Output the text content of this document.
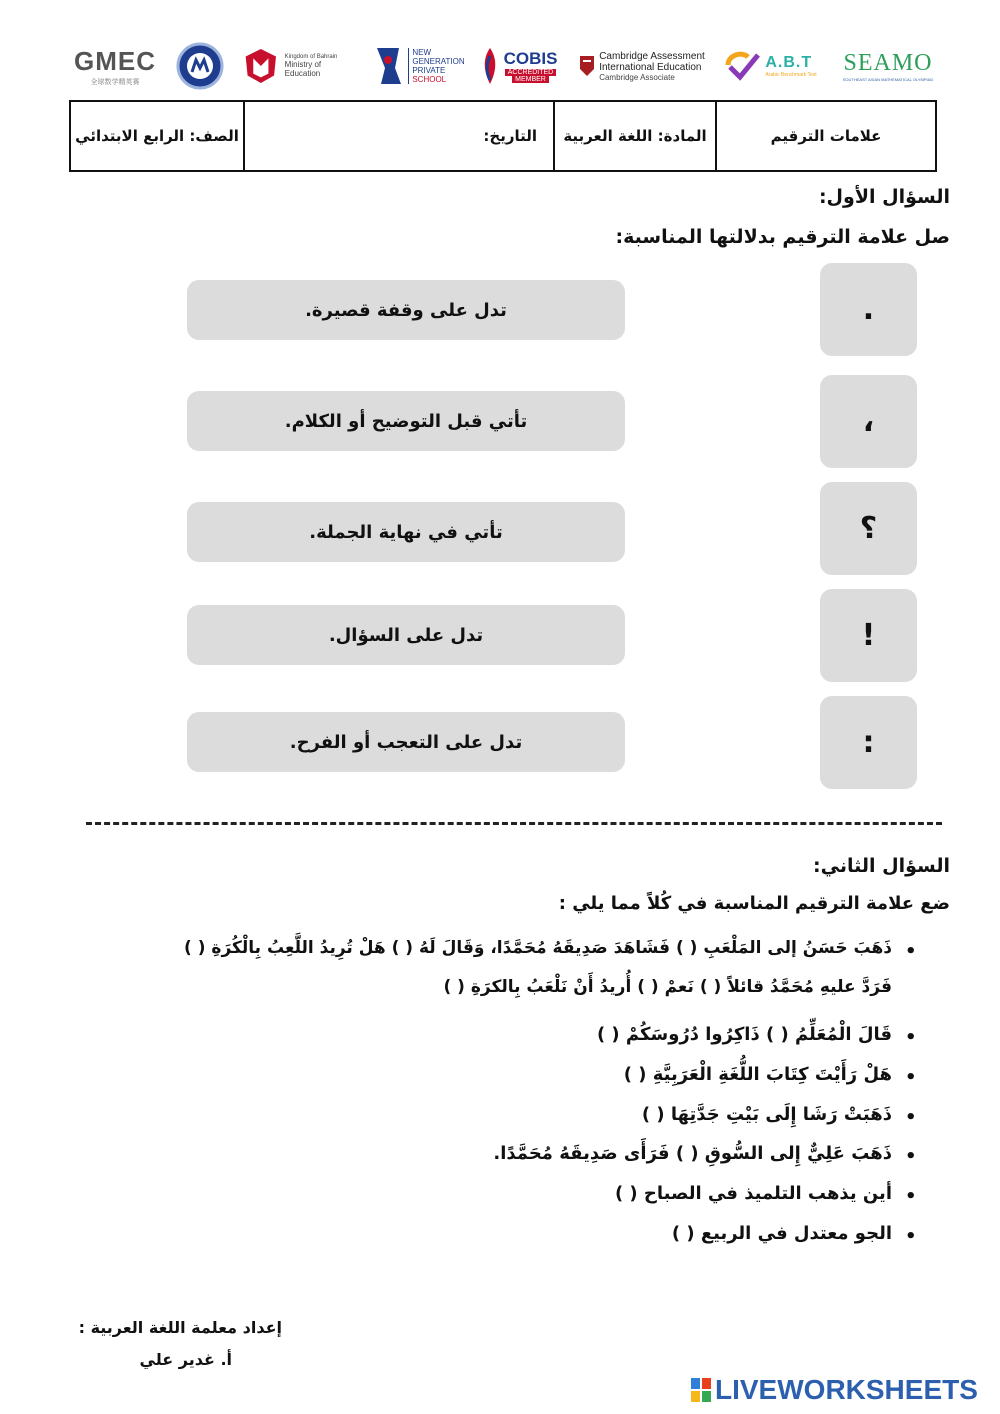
GMEC
全球数学精英赛
Kingdom of Bahrain
Ministry of Education
NEW
GENERATION
PRIVATE
SCHOOL
COBIS
ACCREDITED
MEMBER
Cambridge Assessment
International Education
Cambridge Associate
A.B.T
Arabic Benchmark Test SEAMO
SOUTHEAST ASIAN MATHEMATICAL OLYMPIAD
علامات الترقيم
المادة: اللغة العربية
التاريخ:
الصف: الرابع الابتدائي
السؤال الأول:
صل علامة الترقيم بدلالتها المناسبة:
.
،
؟
!
:
تدل على وقفة قصيرة.
تأتي قبل التوضيح أو الكلام.
تأتي في نهاية الجملة.
تدل على السؤال.
تدل على التعجب أو الفرح.
السؤال الثاني:
ضع علامة الترقيم المناسبة في كُلاً مما يلي :
•
ذَهَبَ حَسَنُ إلى المَلْعَبِ ( ) فَشَاهَدَ صَدِيقَهُ مُحَمَّدًا، وَقَالَ لَهُ ( ) هَلْ تُرِيدُ اللَّعِبُ بِالْكُرَةِ ( )
فَرَدَّ عليهِ مُحَمَّدُ قائلاً ( ) نَعمْ ( ) أُريدُ أَنْ نَلْعَبُ بِالكرَةِ ( )
•
قَالَ الْمُعَلِّمُ ( ) ذَاكِرُوا دُرُوسَكُمْ ( )
•
هَلْ رَأَيْتَ كِتَابَ اللُّغَةِ الْعَرَبِيَّةِ ( )
•
ذَهَبَتْ رَشَا إِلَى بَيْتِ جَدَّتِهَا ( )
•
ذَهَبَ عَلِيٌّ إِلى السُّوقِ ( ) فَرَأَى صَدِيقَهُ مُحَمَّدًا.
•
أين يذهب التلميذ في الصباح ( )
•
الجو معتدل في الربيع ( )
إعداد معلمة اللغة العربية :
أ. غدير علي
LIVEWORKSHEETS
